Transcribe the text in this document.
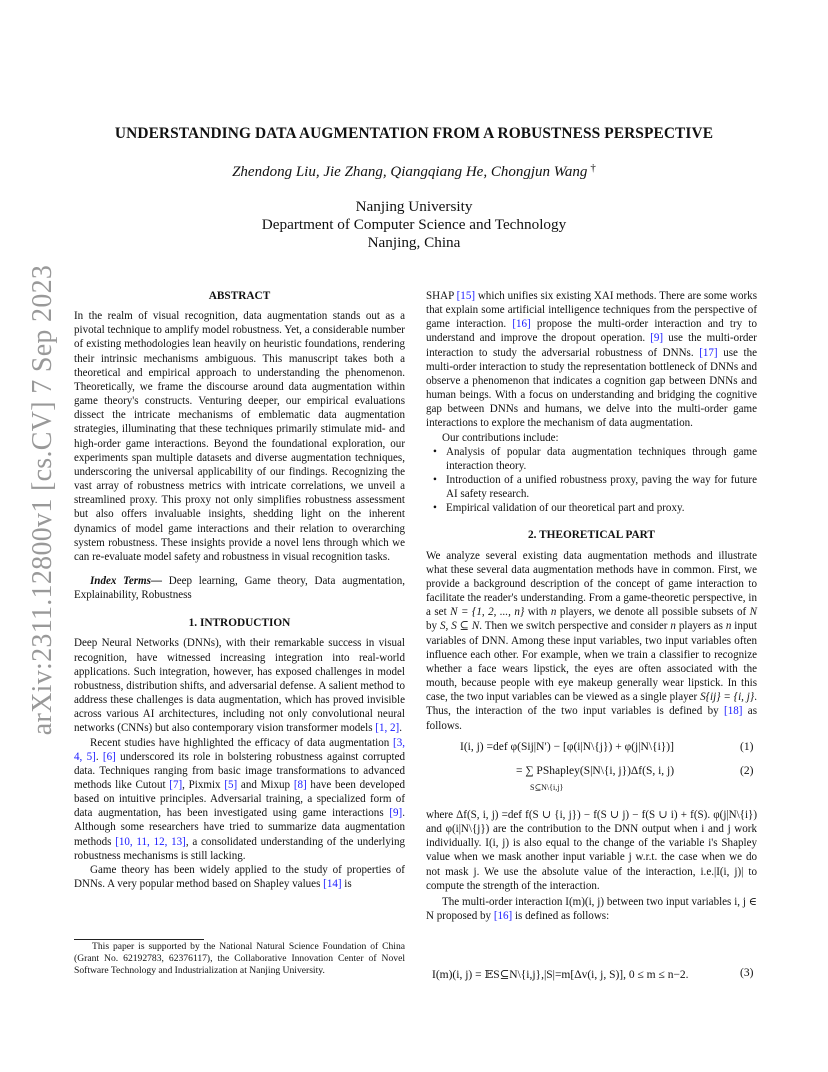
arXiv:2311.12800v1 [cs.CV] 7 Sep 2023
UNDERSTANDING DATA AUGMENTATION FROM A ROBUSTNESS PERSPECTIVE
Zhendong Liu, Jie Zhang, Qiangqiang He, Chongjun Wang †
Nanjing University
Department of Computer Science and Technology
Nanjing, China

ABSTRACT

In the realm of visual recognition, data augmentation stands out as a pivotal technique to amplify model robustness. Yet, a considerable number of existing methodologies lean heavily on heuristic foundations, rendering their intrinsic mechanisms ambiguous. This manuscript takes both a theoretical and empirical approach to understanding the phenomenon. Theoretically, we frame the discourse around data augmentation within game theory's constructs. Venturing deeper, our empirical evaluations dissect the intricate mechanisms of emblematic data augmentation strategies, illuminating that these techniques primarily stimulate mid- and high-order game interactions. Beyond the foundational exploration, our experiments span multiple datasets and diverse augmentation techniques, underscoring the universal applicability of our findings. Recognizing the vast array of robustness metrics with intricate correlations, we unveil a streamlined proxy. This proxy not only simplifies robustness assessment but also offers invaluable insights, shedding light on the inherent dynamics of model game interactions and their relation to overarching system robustness. These insights provide a novel lens through which we can re-evaluate model safety and robustness in visual recognition tasks.

Index Terms— Deep learning, Game theory, Data augmentation, Explainability, Robustness

1. INTRODUCTION

Deep Neural Networks (DNNs), with their remarkable success in visual recognition, have witnessed increasing integration into real-world applications. Such integration, however, has exposed challenges in model robustness, distribution shifts, and adversarial defense. A salient method to address these challenges is data augmentation, which has proved invisible across various AI architectures, including not only convolutional neural networks (CNNs) but also contemporary vision transformer models [1, 2].

Recent studies have highlighted the efficacy of data augmentation [3, 4, 5]. [6] underscored its role in bolstering robustness against corrupted data. Techniques ranging from basic image transformations to advanced methods like Cutout [7], Pixmix [5] and Mixup [8] have been developed based on intuitive principles. Adversarial training, a specialized form of data augmentation, has been investigated using game interactions [9]. Although some researchers have tried to summarize data augmentation methods [10, 11, 12, 13], a consolidated understanding of the underlying robustness mechanisms is still lacking.

Game theory has been widely applied to the study of properties of DNNs. A very popular method based on Shapley values [14] is

This paper is supported by the National Natural Science Foundation of China (Grant No. 62192783, 62376117), the Collaborative Innovation Center of Novel Software Technology and Industrialization at Nanjing University.

SHAP [15] which unifies six existing XAI methods. There are some works that explain some artificial intelligence techniques from the perspective of game interaction. [16] propose the multi-order interaction and try to understand and improve the dropout operation. [9] use the multi-order interaction to study the adversarial robustness of DNNs. [17] use the multi-order interaction to study the representation bottleneck of DNNs and observe a phenomenon that indicates a cognition gap between DNNs and human beings. With a focus on understanding and bridging the cognitive gap between DNNs and humans, we delve into the multi-order game interactions to explore the mechanism of data augmentation.

Our contributions include:

• Analysis of popular data augmentation techniques through game interaction theory.
• Introduction of a unified robustness proxy, paving the way for future AI safety research.
• Empirical validation of our theoretical part and proxy.

2. THEORETICAL PART

We analyze several existing data augmentation methods and illustrate what these several data augmentation methods have in common. First, we provide a background description of the concept of game interaction to facilitate the reader's understanding. From a game-theoretic perspective, in a set N = {1, 2, ..., n} with n players, we denote all possible subsets of N by S, S ⊆ N. Then we switch perspective and consider n players as n input variables of DNN. Among these input variables, two input variables often influence each other. For example, when we train a classifier to recognize whether a face wears lipstick, the eyes are often associated with the mouth, because people with eye makeup generally wear lipstick. In this case, the two input variables can be viewed as a single player S{ij} = {i, j}. Thus, the interaction of the two input variables is defined by [18] as follows.

I(i, j) =def φ(Sij|N′) − [φ(i|N\{j}) + φ(j|N\{i})]	(1)
= ∑ PShapley(S|N\{i, j})Δf(S, i, j)
S⊆N\{i,j}
(2)

where Δf(S, i, j) =def f(S ∪ {i, j}) − f(S ∪ j) − f(S ∪ i) + f(S). φ(j|N\{i}) and φ(i|N\{j}) are the contribution to the DNN output when i and j work individually. I(i, j) is also equal to the change of the variable i's Shapley value when we mask another input variable j w.r.t. the case when we do not mask j. We use the absolute value of the interaction, i.e.|I(i, j)| to compute the strength of the interaction.

The multi-order interaction I(m)(i, j) between two input variables i, j ∈ N proposed by [16] is defined as follows:

I(m)(i, j) = 𝔼S⊆N\{i,j},|S|=m[Δv(i, j, S)], 0 ≤ m ≤ n−2.	(3)
